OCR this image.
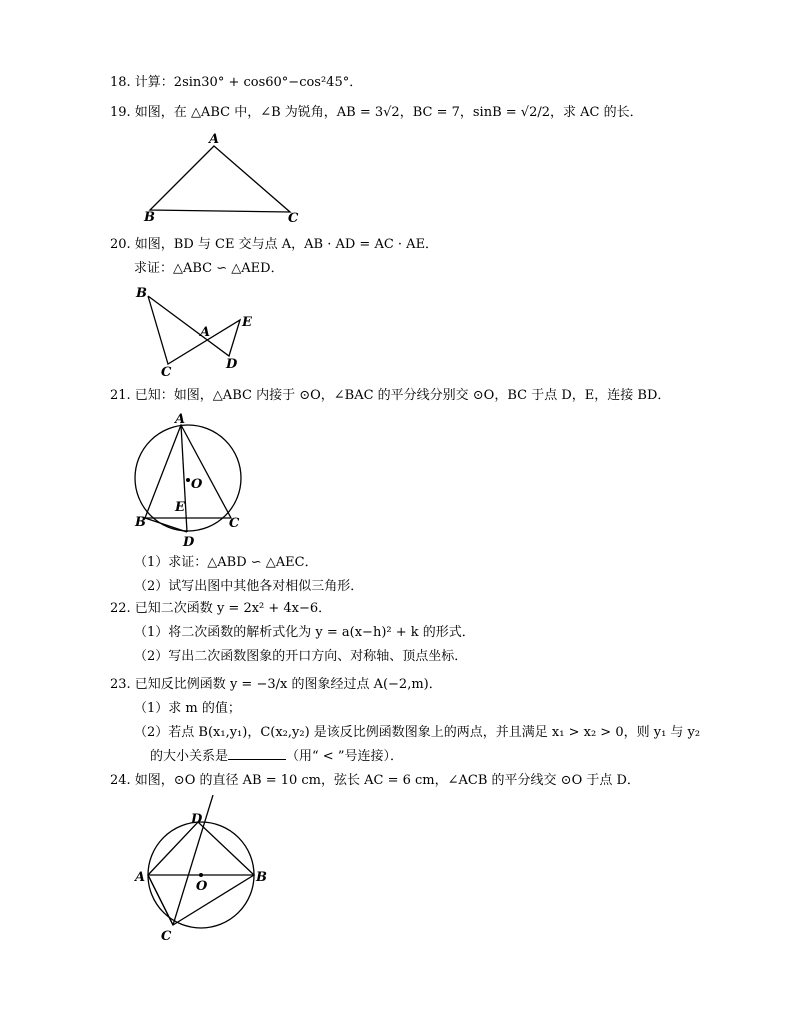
18. 计算：2sin30° + cos60°−cos²45°．
19. 如图，在 △ABC 中，∠B 为锐角，AB = 3√2，BC = 7，sinB = √2/2，求 AC 的长．
A
B	C
20. 如图，BD 与 CE 交与点 A，AB · AD = AC · AE．
求证：△ABC ∽ △AED．
B
C
A
E
D
21. 已知：如图，△ABC 内接于 ⊙O，∠BAC 的平分线分别交 ⊙O，BC 于点 D，E，连接 BD．
A
O
E
B	C
D
（1）求证：△ABD ∽ △AEC．
（2）试写出图中其他各对相似三角形．
22. 已知二次函数 y = 2x² + 4x−6．
（1）将二次函数的解析式化为 y = a(x−h)² + k 的形式．
（2）写出二次函数图象的开口方向、对称轴、顶点坐标．
23. 已知反比例函数 y = −3/x 的图象经过点 A(−2,m)．
（1）求 m 的值；
（2）若点 B(x₁,y₁)，C(x₂,y₂) 是该反比例函数图象上的两点，并且满足 x₁ > x₂ > 0，则 y₁ 与 y₂
的大小关系是	（用“ < ”号连接）．
24. 如图，⊙O 的直径 AB = 10 cm，弦长 AC = 6 cm，∠ACB 的平分线交 ⊙O 于点 D．
D
A	B
O
C
